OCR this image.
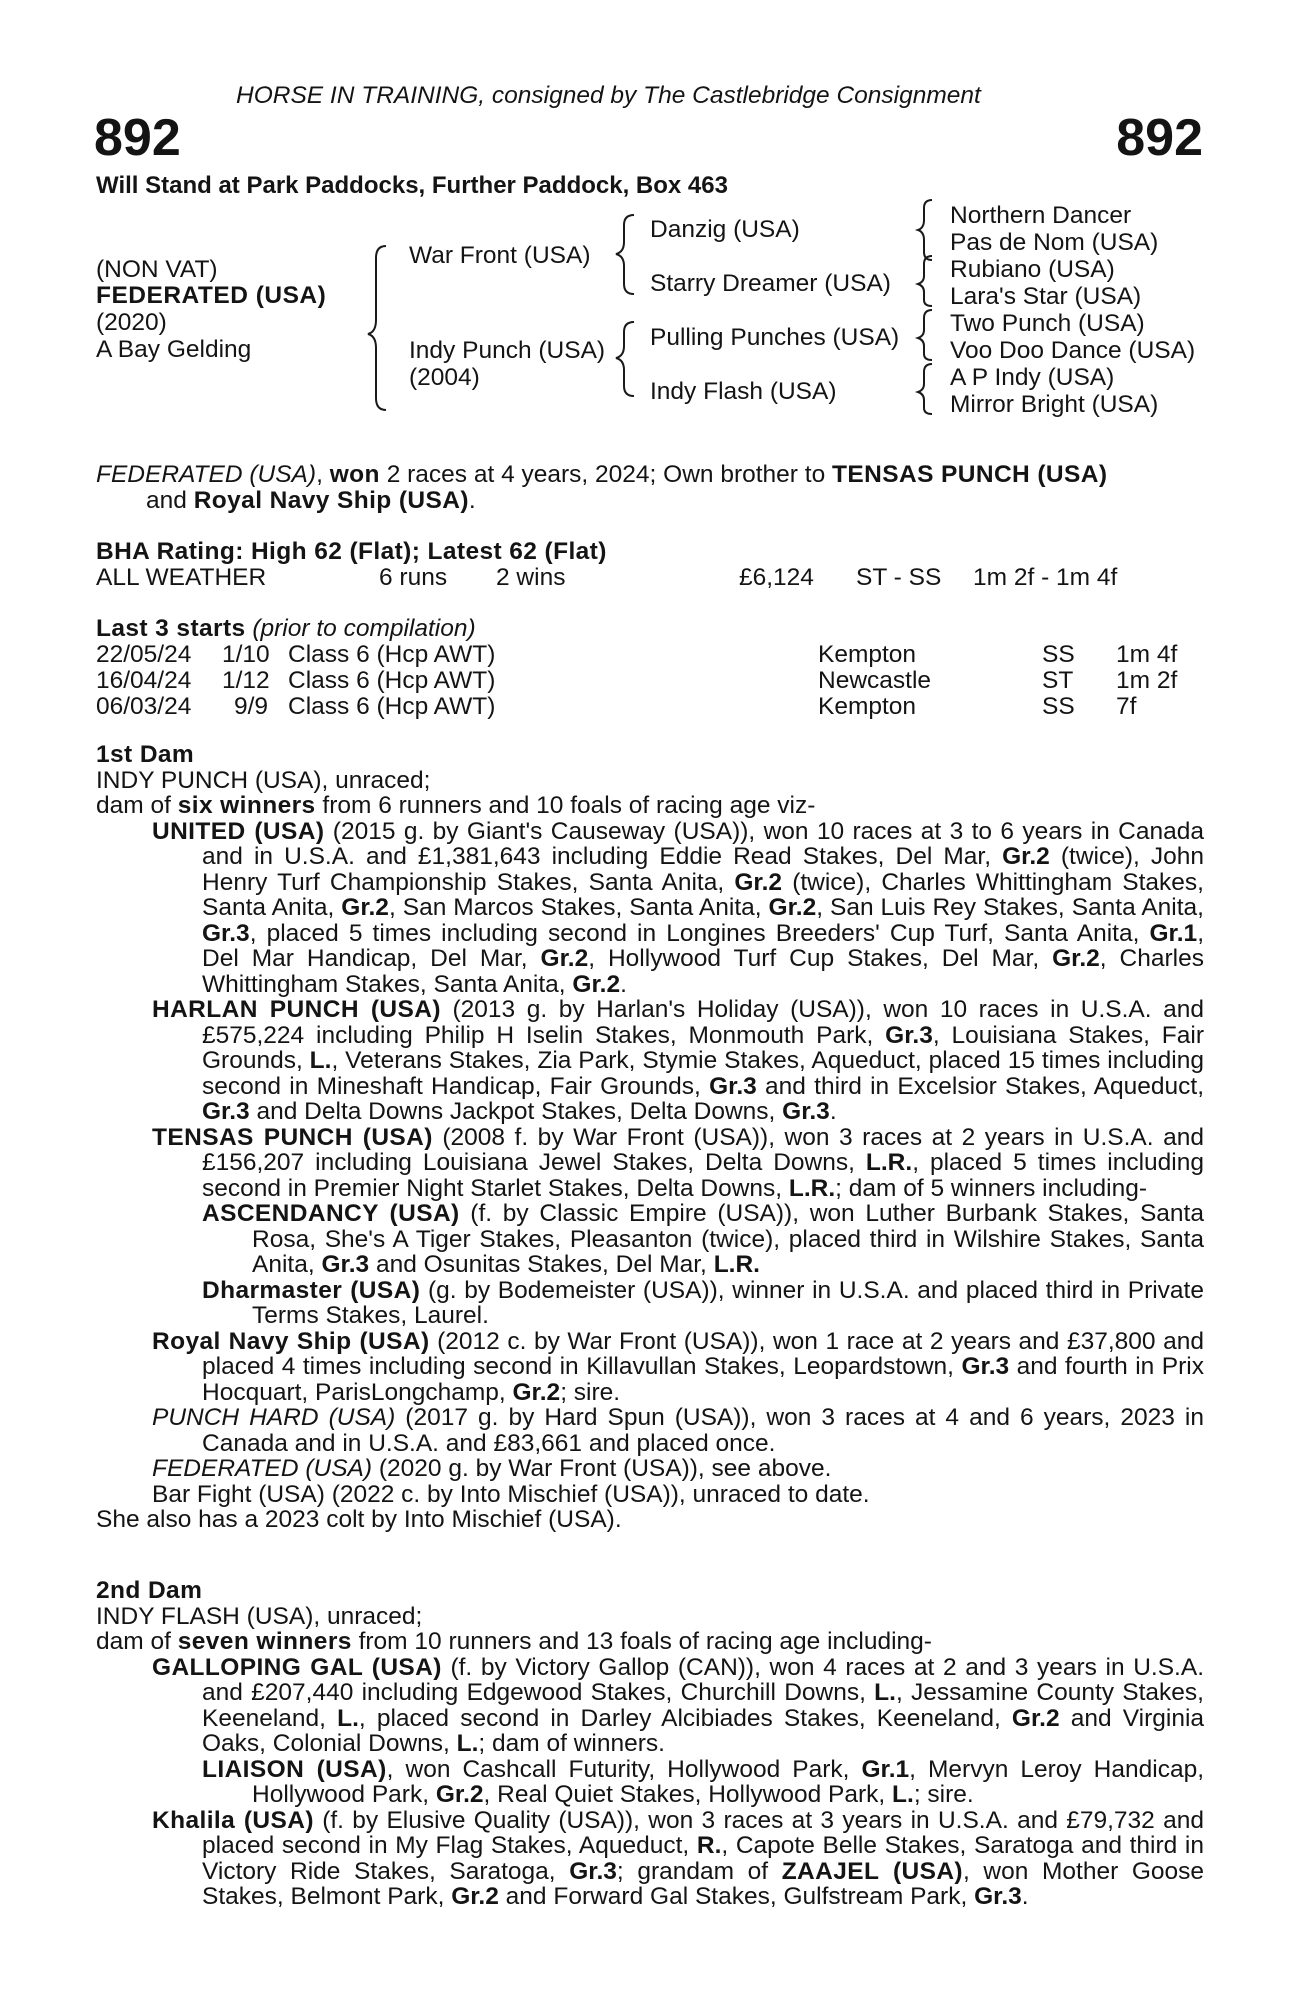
HORSE IN TRAINING, consigned by The Castlebridge Consignment
892	892
Will Stand at Park Paddocks, Further Paddock, Box 463
(NON VAT)
FEDERATED (USA)
(2020)
A Bay Gelding
War Front (USA)
Indy Punch (USA)
(2004)
Danzig (USA)
Starry Dreamer (USA)
Pulling Punches (USA)
Indy Flash (USA)
Northern Dancer
Pas de Nom (USA)
Rubiano (USA)
Lara's Star (USA)
Two Punch (USA)
Voo Doo Dance (USA)
A P Indy (USA)
Mirror Bright (USA)

FEDERATED (USA), won 2 races at 4 years, 2024; Own brother to TENSAS PUNCH (USA)

and Royal Navy Ship (USA).

BHA Rating: High 62 (Flat); Latest 62 (Flat)
ALL WEATHER	6 runs 2 wins	£6,124 ST - SS 1m 2f - 1m 4f
Last 3 starts (prior to compilation)
22/05/24 1/10 Class 6 (Hcp AWT)	Kempton	SS 1m 4f
16/04/24 1/12 Class 6 (Hcp AWT)	Newcastle	ST 1m 2f
06/03/24 9/9 Class 6 (Hcp AWT)	Kempton	SS 7f

1st Dam

INDY PUNCH (USA), unraced;

dam of six winners from 6 runners and 10 foals of racing age viz-

UNITED (USA) (2015 g. by Giant's Causeway (USA)), won 10 races at 3 to 6 years in Canada and in U.S.A. and £1,381,643 including Eddie Read Stakes, Del Mar, Gr.2 (twice), John Henry Turf Championship Stakes, Santa Anita, Gr.2 (twice), Charles Whittingham Stakes, Santa Anita, Gr.2, San Marcos Stakes, Santa Anita, Gr.2, San Luis Rey Stakes, Santa Anita, Gr.3, placed 5 times including second in Longines Breeders' Cup Turf, Santa Anita, Gr.1, Del Mar Handicap, Del Mar, Gr.2, Hollywood Turf Cup Stakes, Del Mar, Gr.2, Charles Whittingham Stakes, Santa Anita, Gr.2.

HARLAN PUNCH (USA) (2013 g. by Harlan's Holiday (USA)), won 10 races in U.S.A. and £575,224 including Philip H Iselin Stakes, Monmouth Park, Gr.3, Louisiana Stakes, Fair Grounds, L., Veterans Stakes, Zia Park, Stymie Stakes, Aqueduct, placed 15 times including second in Mineshaft Handicap, Fair Grounds, Gr.3 and third in Excelsior Stakes, Aqueduct, Gr.3 and Delta Downs Jackpot Stakes, Delta Downs, Gr.3.

TENSAS PUNCH (USA) (2008 f. by War Front (USA)), won 3 races at 2 years in U.S.A. and £156,207 including Louisiana Jewel Stakes, Delta Downs, L.R., placed 5 times including second in Premier Night Starlet Stakes, Delta Downs, L.R.; dam of 5 winners including-

ASCENDANCY (USA) (f. by Classic Empire (USA)), won Luther Burbank Stakes, Santa Rosa, She's A Tiger Stakes, Pleasanton (twice), placed third in Wilshire Stakes, Santa Anita, Gr.3 and Osunitas Stakes, Del Mar, L.R.

Dharmaster (USA) (g. by Bodemeister (USA)), winner in U.S.A. and placed third in Private Terms Stakes, Laurel.

Royal Navy Ship (USA) (2012 c. by War Front (USA)), won 1 race at 2 years and £37,800 and placed 4 times including second in Killavullan Stakes, Leopardstown, Gr.3 and fourth in Prix Hocquart, ParisLongchamp, Gr.2; sire.

PUNCH HARD (USA) (2017 g. by Hard Spun (USA)), won 3 races at 4 and 6 years, 2023 in Canada and in U.S.A. and £83,661 and placed once.

FEDERATED (USA) (2020 g. by War Front (USA)), see above.

Bar Fight (USA) (2022 c. by Into Mischief (USA)), unraced to date.

She also has a 2023 colt by Into Mischief (USA).

2nd Dam

INDY FLASH (USA), unraced;

dam of seven winners from 10 runners and 13 foals of racing age including-

GALLOPING GAL (USA) (f. by Victory Gallop (CAN)), won 4 races at 2 and 3 years in U.S.A. and £207,440 including Edgewood Stakes, Churchill Downs, L., Jessamine County Stakes, Keeneland, L., placed second in Darley Alcibiades Stakes, Keeneland, Gr.2 and Virginia Oaks, Colonial Downs, L.; dam of winners.

LIAISON (USA), won Cashcall Futurity, Hollywood Park, Gr.1, Mervyn Leroy Handicap, Hollywood Park, Gr.2, Real Quiet Stakes, Hollywood Park, L.; sire.

Khalila (USA) (f. by Elusive Quality (USA)), won 3 races at 3 years in U.S.A. and £79,732 and placed second in My Flag Stakes, Aqueduct, R., Capote Belle Stakes, Saratoga and third in Victory Ride Stakes, Saratoga, Gr.3; grandam of ZAAJEL (USA), won Mother Goose Stakes, Belmont Park, Gr.2 and Forward Gal Stakes, Gulfstream Park, Gr.3.
